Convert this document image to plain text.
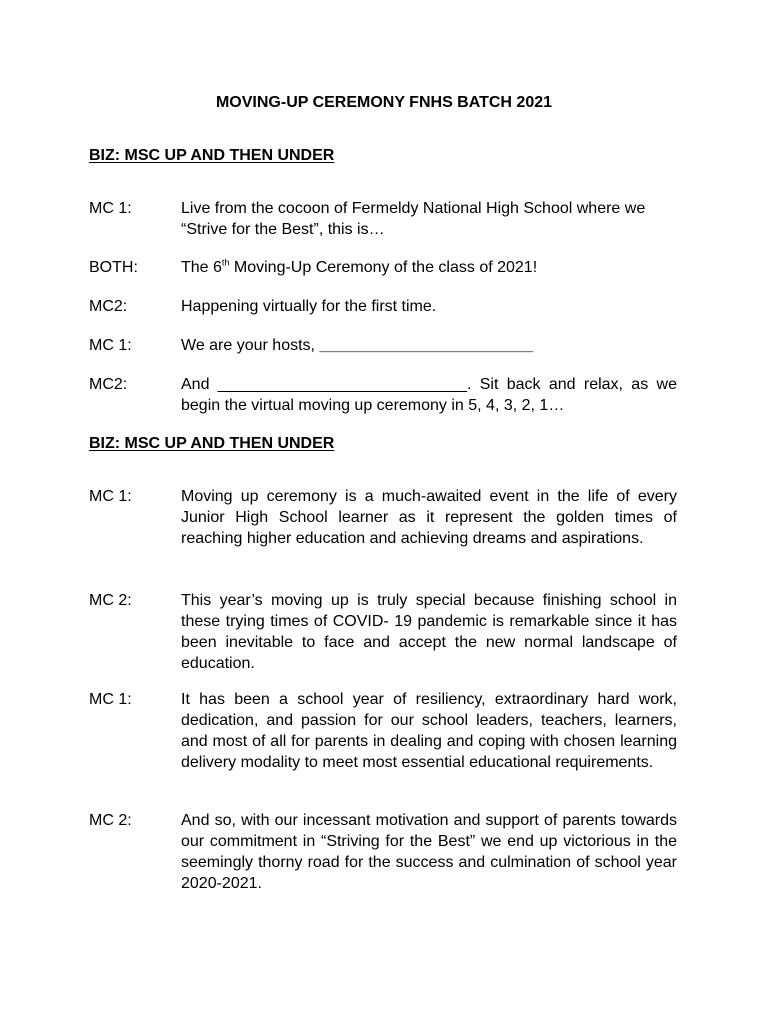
MOVING-UP CEREMONY FNHS BATCH 2021
BIZ: MSC UP AND THEN UNDER
MC 1:	Live from the cocoon of Fermeldy National High School where we “Strive for the Best”, this is…
BOTH:	The 6th Moving-Up Ceremony of the class of 2021!
MC2:	Happening virtually for the first time.
MC 1:	We are your hosts, ________________________
MC2:	And ____________________________. Sit back and relax, as we begin the virtual moving up ceremony in 5, 4, 3, 2, 1…
BIZ: MSC UP AND THEN UNDER
MC 1:	Moving up ceremony is a much-awaited event in the life of every Junior High School learner as it represent the golden times of reaching higher education and achieving dreams and aspirations.
MC 2:	This year’s moving up is truly special because finishing school in these trying times of COVID- 19 pandemic is remarkable since it has been inevitable to face and accept the new normal landscape of education.
MC 1:	It has been a school year of resiliency, extraordinary hard work, dedication, and passion for our school leaders, teachers, learners, and most of all for parents in dealing and coping with chosen learning delivery modality to meet most essential educational requirements.
MC 2:	And so, with our incessant motivation and support of parents towards our commitment in “Striving for the Best” we end up victorious in the seemingly thorny road for the success and culmination of school year 2020-2021.
